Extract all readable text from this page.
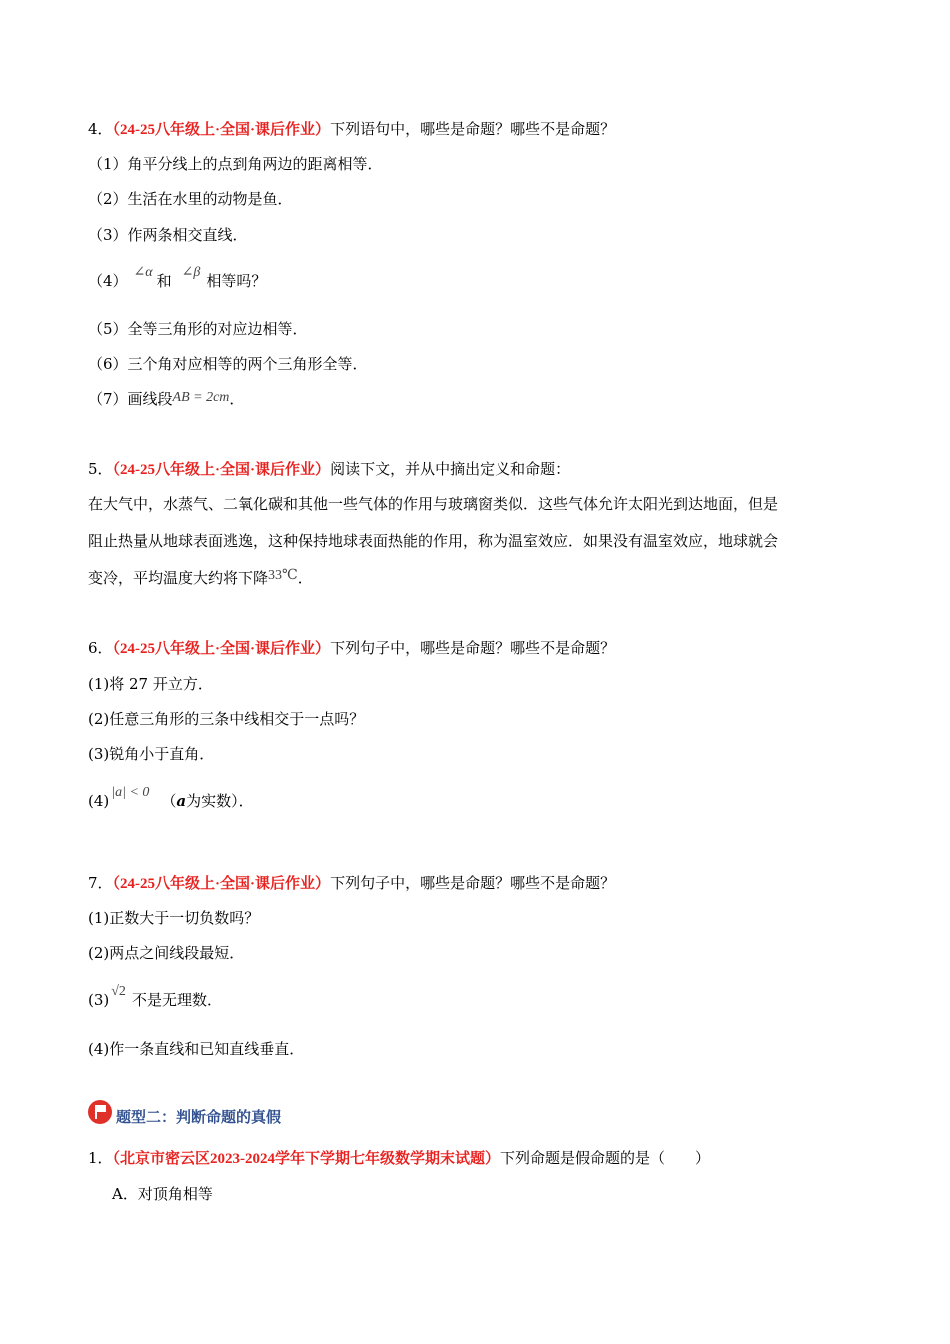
4．（24-25八年级上·全国·课后作业）下列语句中，哪些是命题？哪些不是命题？
（1）角平分线上的点到角两边的距离相等．
（2）生活在水里的动物是鱼．
（3）作两条相交直线．
（4） ∠α 和 ∠β 相等吗？
（5）全等三角形的对应边相等．
（6）三个角对应相等的两个三角形全等．
（7）画线段AB = 2cm．
5．（24-25八年级上·全国·课后作业）阅读下文，并从中摘出定义和命题：
在大气中，水蒸气、二氧化碳和其他一些气体的作用与玻璃窗类似．这些气体允许太阳光到达地面，但是
阻止热量从地球表面逃逸，这种保持地球表面热能的作用，称为温室效应．如果没有温室效应，地球就会
变冷，平均温度大约将下降33℃．
6．（24-25八年级上·全国·课后作业）下列句子中，哪些是命题？哪些不是命题？
(1)将 27 开立方．
(2)任意三角形的三条中线相交于一点吗？
(3)锐角小于直角．
(4) |a| < 0 （a为实数）．
7．（24-25八年级上·全国·课后作业）下列句子中，哪些是命题？哪些不是命题？
(1)正数大于一切负数吗？
(2)两点之间线段最短．
(3) √2 不是无理数．
(4)作一条直线和已知直线垂直．
题型二：判断命题的真假
1．（北京市密云区2023-2024学年下学期七年级数学期末试题）下列命题是假命题的是（　　）
A．对顶角相等
